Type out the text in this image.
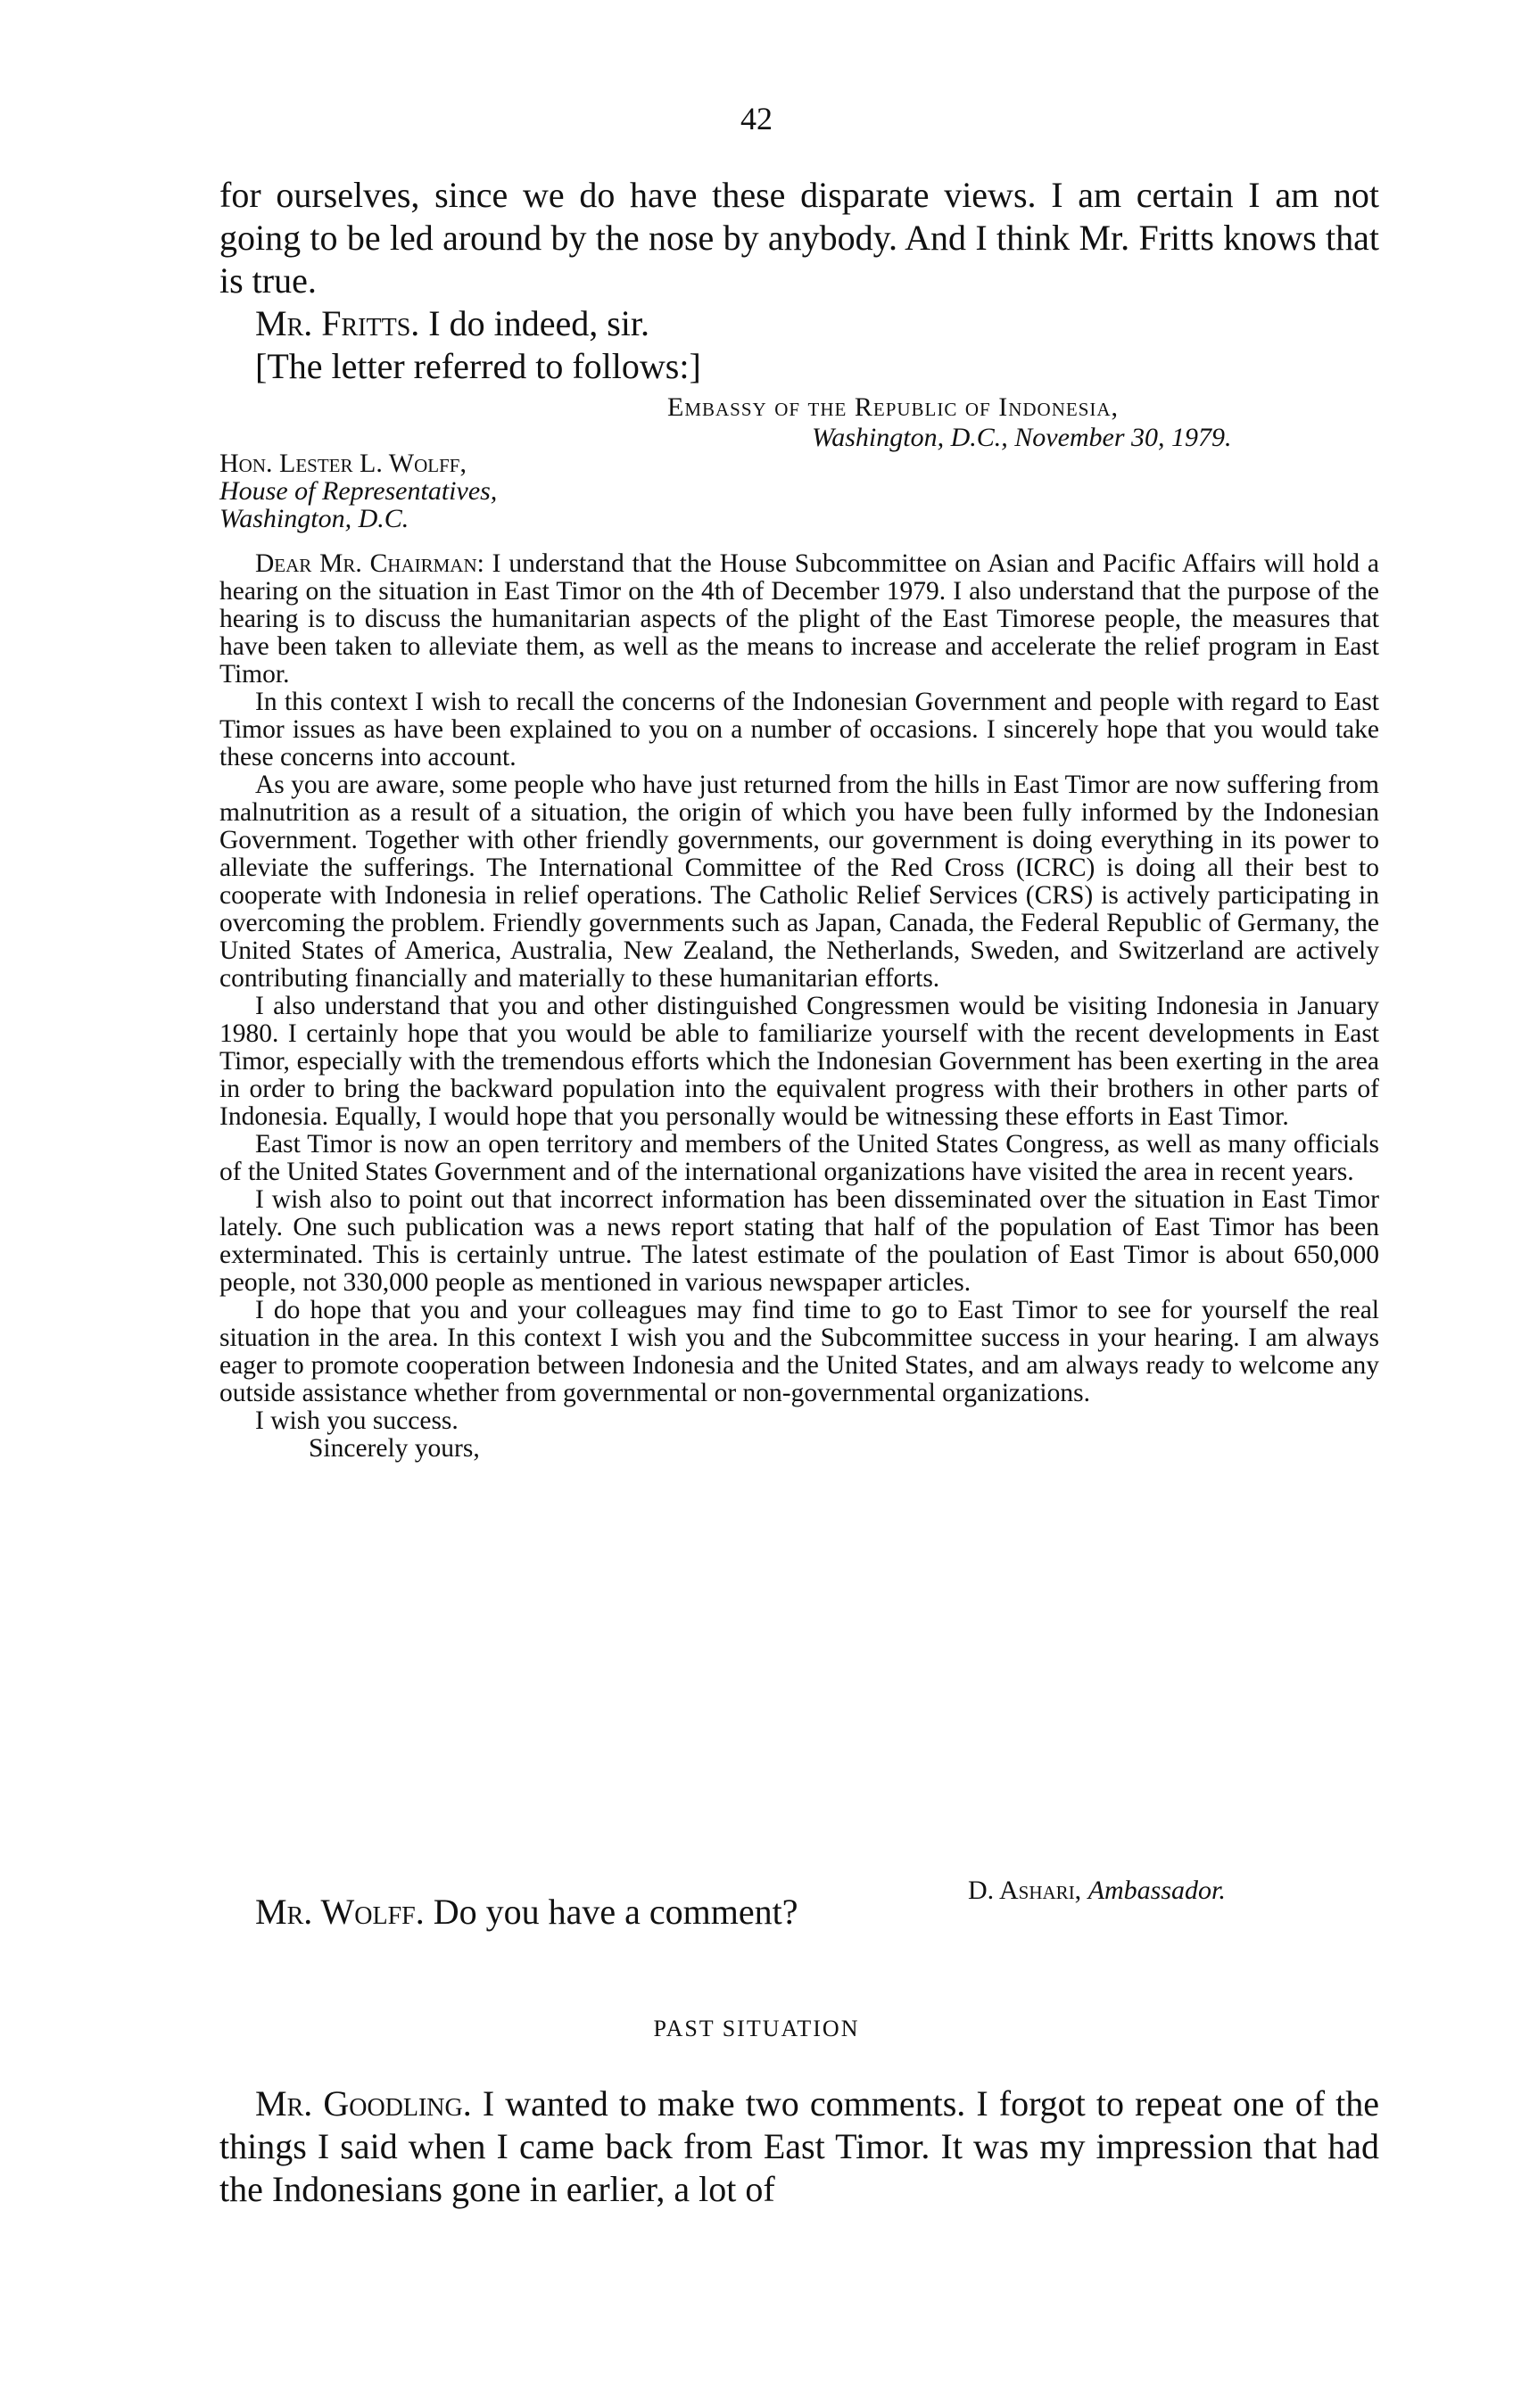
42

for ourselves, since we do have these disparate views. I am certain I am not going to be led around by the nose by anybody. And I think Mr. Fritts knows that is true.

Mr. Fritts. I do indeed, sir.

[The letter referred to follows:]

Embassy of the Republic of Indonesia,
Washington, D.C., November 30, 1979.
Hon. Lester L. Wolff,
House of Representatives,
Washington, D.C.

Dear Mr. Chairman: I understand that the House Subcommittee on Asian and Pacific Affairs will hold a hearing on the situation in East Timor on the 4th of December 1979. I also understand that the purpose of the hearing is to discuss the humanitarian aspects of the plight of the East Timorese people, the measures that have been taken to alleviate them, as well as the means to increase and accelerate the relief program in East Timor.

In this context I wish to recall the concerns of the Indonesian Government and people with regard to East Timor issues as have been explained to you on a number of occasions. I sincerely hope that you would take these concerns into account.

As you are aware, some people who have just returned from the hills in East Timor are now suffering from malnutrition as a result of a situation, the origin of which you have been fully informed by the Indonesian Government. Together with other friendly governments, our government is doing everything in its power to alleviate the sufferings. The International Committee of the Red Cross (ICRC) is doing all their best to cooperate with Indonesia in relief operations. The Catholic Relief Services (CRS) is actively participating in overcoming the problem. Friendly governments such as Japan, Canada, the Federal Republic of Germany, the United States of America, Australia, New Zealand, the Netherlands, Sweden, and Switzerland are actively contributing financially and materially to these humanitarian efforts.

I also understand that you and other distinguished Congressmen would be visiting Indonesia in January 1980. I certainly hope that you would be able to familiarize yourself with the recent developments in East Timor, especially with the tremendous efforts which the Indonesian Government has been exerting in the area in order to bring the backward population into the equivalent progress with their brothers in other parts of Indonesia. Equally, I would hope that you personally would be witnessing these efforts in East Timor.

East Timor is now an open territory and members of the United States Congress, as well as many officials of the United States Government and of the international organizations have visited the area in recent years.

I wish also to point out that incorrect information has been disseminated over the situation in East Timor lately. One such publication was a news report stating that half of the population of East Timor has been exterminated. This is certainly untrue. The latest estimate of the poulation of East Timor is about 650,000 people, not 330,000 people as mentioned in various newspaper articles.

I do hope that you and your colleagues may find time to go to East Timor to see for yourself the real situation in the area. In this context I wish you and the Subcommittee success in your hearing. I am always eager to promote cooperation between Indonesia and the United States, and am always ready to welcome any outside assistance whether from governmental or non-governmental organizations.

I wish you success.
Sincerely yours,
D. Ashari, Ambassador.
Mr. Wolff. Do you have a comment?
PAST SITUATION

Mr. Goodling. I wanted to make two comments. I forgot to repeat one of the things I said when I came back from East Timor. It was my impression that had the Indonesians gone in earlier, a lot of
